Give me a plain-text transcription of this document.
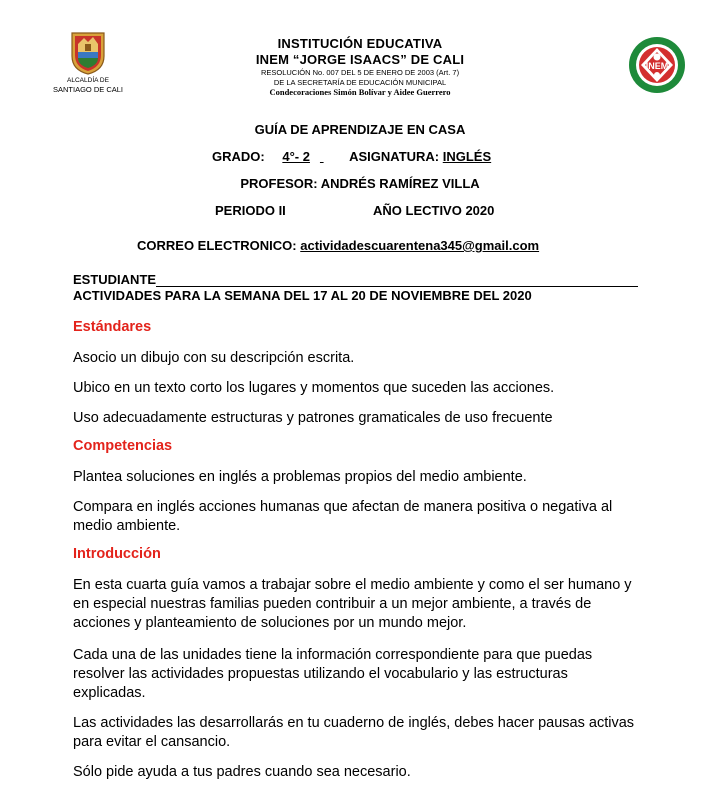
ALCALDÍA DE
SANTIAGO DE CALI
INSTITUCIÓN EDUCATIVA
INEM “JORGE ISAACS” DE CALI
RESOLUCIÓN No. 007 DEL 5 DE ENERO DE 2003 (Art. 7)
DE LA SECRETARÍA DE EDUCACIÓN MUNICIPAL
Condecoraciones Simón Bolívar y Aidee Guerrero
INEM
GUÍA DE APRENDIZAJE EN CASA
GRADO: 4°- 2	ASIGNATURA: INGLÉS
PROFESOR: ANDRÉS RAMÍREZ VILLA
PERIODO II	AÑO LECTIVO 2020
CORREO ELECTRONICO: actividadescuarentena345@gmail.com
ESTUDIANTE
ACTIVIDADES PARA LA SEMANA DEL 17 AL 20 DE NOVIEMBRE DEL 2020
Estándares
Asocio un dibujo con su descripción escrita.
Ubico en un texto corto los lugares y momentos que suceden las acciones.
Uso adecuadamente estructuras y patrones gramaticales de uso frecuente
Competencias
Plantea soluciones en inglés a problemas propios del medio ambiente.
Compara en inglés acciones humanas que afectan de manera positiva o negativa al medio ambiente.
Introducción
En esta cuarta guía vamos a trabajar sobre el medio ambiente y como el ser humano y en especial nuestras familias pueden contribuir a un mejor ambiente, a través de acciones y planteamiento de soluciones por un mundo mejor.
Cada una de las unidades tiene la información correspondiente para que puedas resolver las actividades propuestas utilizando el vocabulario y las estructuras explicadas.
Las actividades las desarrollarás en tu cuaderno de inglés, debes hacer pausas activas para evitar el cansancio.
Sólo pide ayuda a tus padres cuando sea necesario.
